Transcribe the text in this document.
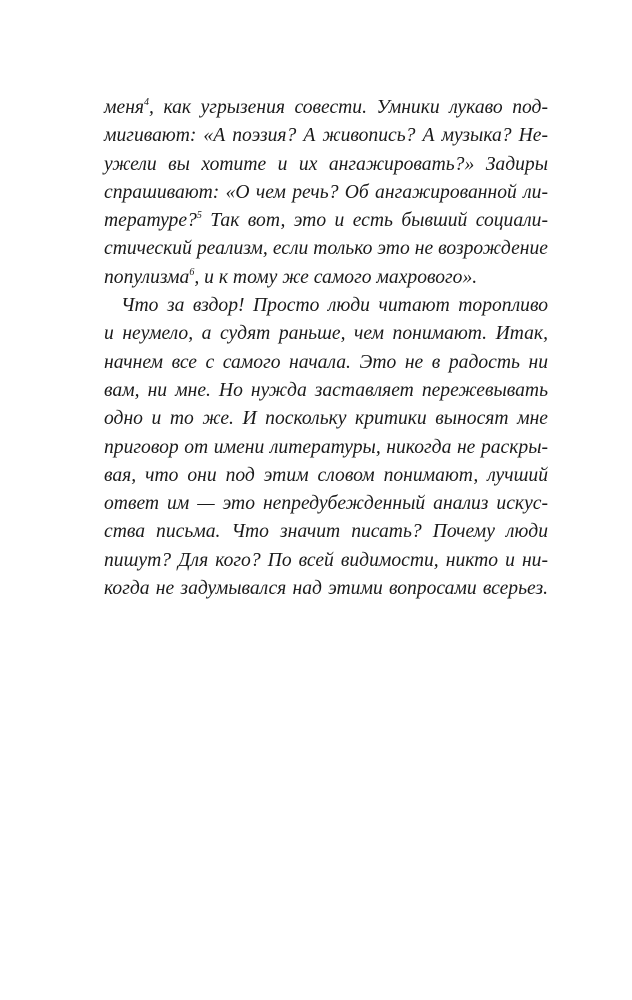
меня$^4$, как угрызения совести. Умники лукаво под-
мигивают: «А поэзия? А живопись? А музыка? Не-
ужели вы хотите и их ангажировать?» Задиры
спрашивают: «О чем речь? Об ангажированной ли-
тературе?$^5$ Так вот, это и есть бывший социали-
стический реализм, если только это не возрождение
популизма$^6$, и к тому же самого махрового».
Что за вздор! Просто люди читают торопливо
и неумело, а судят раньше, чем понимают. Итак,
начнем все с самого начала. Это не в радость ни
вам, ни мне. Но нужда заставляет пережевывать
одно и то же. И поскольку критики выносят мне
приговор от имени литературы, никогда не раскры-
вая, что они под этим словом понимают, лучший
ответ им — это непредубежденный анализ искус-
ства письма. Что значит писать? Почему люди
пишут? Для кого? По всей видимости, никто и ни-
когда не задумывался над этими вопросами всерьез.
